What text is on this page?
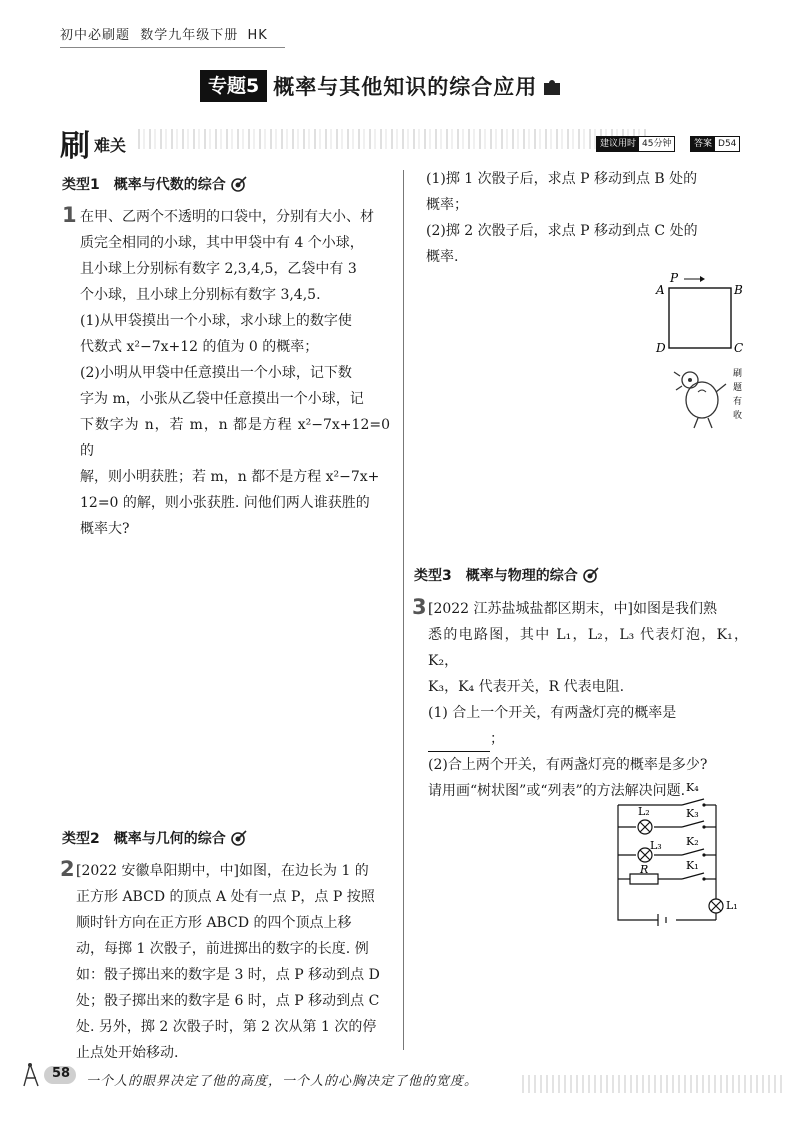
初中必刷题 数学九年级下册 HK
专题5 概率与其他知识的综合应用
刷 难关	建议用时 45分钟	答案 D54
类型1 概率与代数的综合
1 在甲、乙两个不透明的口袋中，分别有大小、材

质完全相同的小球，其中甲袋中有 4 个小球，

且小球上分别标有数字 2,3,4,5，乙袋中有 3

个小球，且小球上分别标有数字 3,4,5.

(1)从甲袋摸出一个小球，求小球上的数字使

代数式 x²−7x+12 的值为 0 的概率；

(2)小明从甲袋中任意摸出一个小球，记下数

字为 m，小张从乙袋中任意摸出一个小球，记

下数字为 n，若 m，n 都是方程 x²−7x+12=0 的

解，则小明获胜；若 m，n 都不是方程 x²−7x+

12=0 的解，则小张获胜. 问他们两人谁获胜的

概率大?

类型2 概率与几何的综合
2 [2022 安徽阜阳期中，中]如图，在边长为 1 的

正方形 ABCD 的顶点 A 处有一点 P，点 P 按照

顺时针方向在正方形 ABCD 的四个顶点上移

动，每掷 1 次骰子，前进掷出的数字的长度. 例

如：骰子掷出来的数字是 3 时，点 P 移动到点 D

处；骰子掷出来的数字是 6 时，点 P 移动到点 C

处. 另外，掷 2 次骰子时，第 2 次从第 1 次的停

止点处开始移动.

(1)掷 1 次骰子后，求点 P 移动到点 B 处的

概率；

(2)掷 2 次骰子后，求点 P 移动到点 C 处的

概率.

P
A	B
C
D
刷
题
有
收
类型3 概率与物理的综合
3 [2022 江苏盐城盐都区期末，中]如图是我们熟

悉的电路图，其中 L₁，L₂，L₃ 代表灯泡，K₁，K₂，

K₃，K₄ 代表开关，R 代表电阻.

(1) 合上一个开关，有两盏灯亮的概率是

；

(2)合上两个开关，有两盏灯亮的概率是多少?

请用画“树状图”或“列表”的方法解决问题. K₄
K₃
K₂
K₁
L₂
L₃
R
L₁
58
一个人的眼界决定了他的高度，一个人的心胸决定了他的宽度。
